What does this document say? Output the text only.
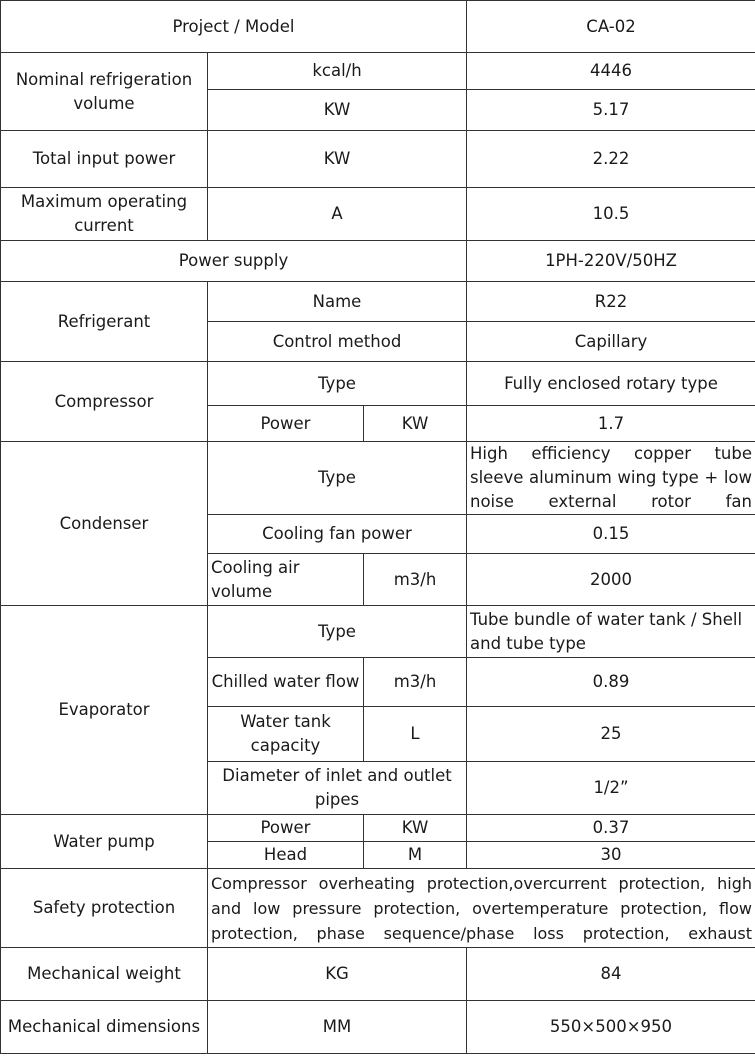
Project / Model			CA-02
Nominal refrigeration volume	kcal/h		4446
	KW		5.17
Total input power	KW		2.22
Maximum operating current	A		10.5
Power supply			1PH-220V/50HZ
Refrigerant	Name		R22
	Control method		Capillary
Compressor	Type		Fully enclosed rotary type
	Power	KW	1.7
Condenser	Type		High efficiency copper tube sleeve aluminum wing type + low noise external rotor fan
	Cooling fan power		0.15
	Cooling air volume	m3/h	2000
Evaporator	Type		Tube bundle of water tank / Shell and tube type
	Chilled water flow	m3/h	0.89
	Water tank capacity	L	25
	Diameter of inlet and outlet pipes		1/2”
Water pump	Power	KW	0.37
	Head	M	30
Safety protection	Compressor overheating protection,overcurrent protection, high and low pressure protection, overtemperature protection, flow protection, phase sequence/phase loss protection, exhaust		
Mechanical weight	KG		84
Mechanical dimensions	MM		550×500×950
